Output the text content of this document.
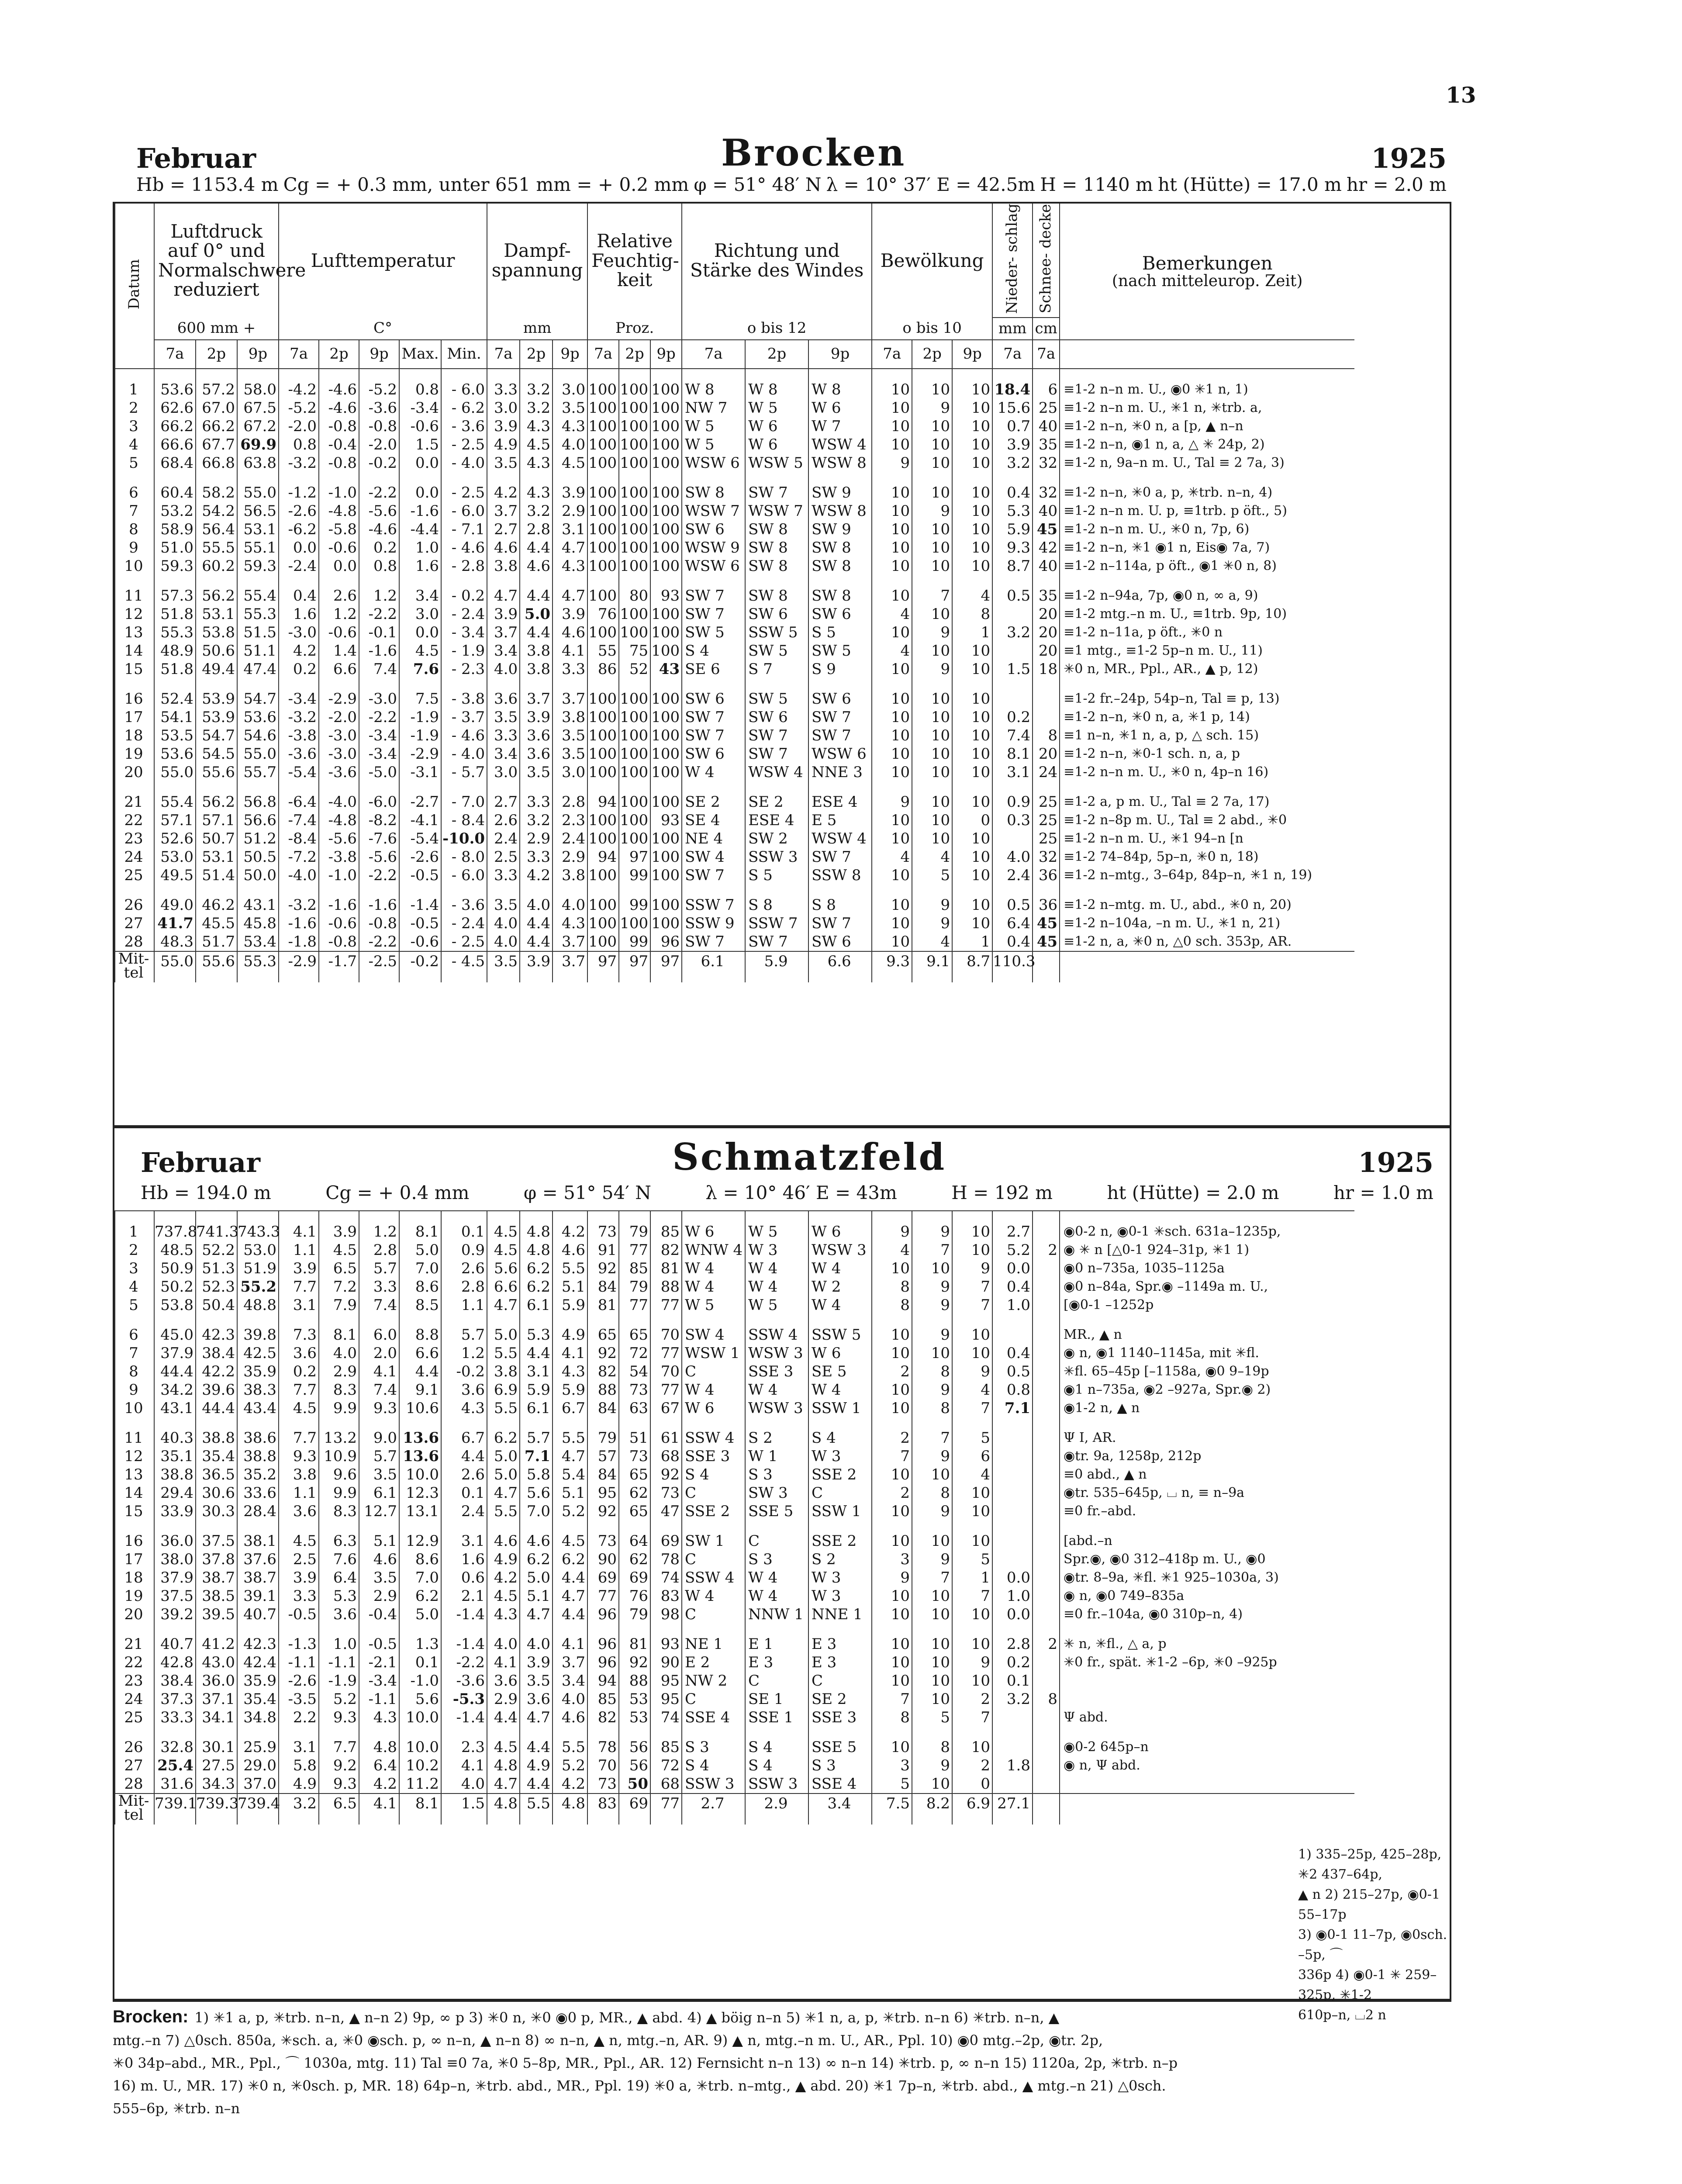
13
Februar	Brocken	1925
Hb = 1153.4 m Cg = + 0.3 mm, unter 651 mm = + 0.2 mm φ = 51° 48′ N λ = 10° 37′ E = 42.5m H = 1140 m ht (Hütte) = 17.0 m hr = 2.0 m
Datum	Luftdruck auf 0° und Normalschwere reduziert			Lufttemperatur					Dampf- spannung			Relative Feuchtig- keit			Richtung und Stärke des Windes			Bewölkung			Nieder- schlag	Schnee- decke	Bemerkungen
(nach mitteleurop. Zeit)

	600 mm +			C°					mm			Proz.			o bis 12			o bis 10			mm	cm	
	7a	2p	9p	7a	2p	9p	Max.	Min.	7a	2p	9p	7a	2p	9p	7a	2p	9p	7a	2p	9p	7a	7a	

1	53.6	57.2	58.0	-4.2	-4.6	-5.2	0.8	- 6.0	3.3	3.2	3.0	100	100	100	W 8	W 8	W 8	10	10	10	18.4	6	≡1-2 n–n m. U., ◉0 ✳1 n, 1)
2	62.6	67.0	67.5	-5.2	-4.6	-3.6	-3.4	- 6.2	3.0	3.2	3.5	100	100	100	NW 7	W 5	W 6	10	9	10	15.6	25	≡1-2 n–n m. U., ✳1 n, ✳trb. a,
3	66.2	66.2	67.2	-2.0	-0.8	-0.8	-0.6	- 3.6	3.9	4.3	4.3	100	100	100	W 5	W 6	W 7	10	10	10	0.7	40	≡1-2 n–n, ✳0 n, a [p, ▲ n–n
4	66.6	67.7	69.9	0.8	-0.4	-2.0	1.5	- 2.5	4.9	4.5	4.0	100	100	100	W 5	W 6	WSW 4	10	10	10	3.9	35	≡1-2 n–n, ◉1 n, a, △ ✳ 24p, 2)
5	68.4	66.8	63.8	-3.2	-0.8	-0.2	0.0	- 4.0	3.5	4.3	4.5	100	100	100	WSW 6	WSW 5	WSW 8	9	10	10	3.2	32	≡1-2 n, 9a–n m. U., Tal ≡ 2 7a, 3)

6	60.4	58.2	55.0	-1.2	-1.0	-2.2	0.0	- 2.5	4.2	4.3	3.9	100	100	100	SW 8	SW 7	SW 9	10	10	10	0.4	32	≡1-2 n–n, ✳0 a, p, ✳trb. n–n, 4)
7	53.2	54.2	56.5	-2.6	-4.8	-5.6	-1.6	- 6.0	3.7	3.2	2.9	100	100	100	WSW 7	WSW 7	WSW 8	10	9	10	5.3	40	≡1-2 n–n m. U. p, ≡1trb. p öft., 5)
8	58.9	56.4	53.1	-6.2	-5.8	-4.6	-4.4	- 7.1	2.7	2.8	3.1	100	100	100	SW 6	SW 8	SW 9	10	10	10	5.9	45	≡1-2 n–n m. U., ✳0 n, 7p, 6)
9	51.0	55.5	55.1	0.0	-0.6	0.2	1.0	- 4.6	4.6	4.4	4.7	100	100	100	WSW 9	SW 8	SW 8	10	10	10	9.3	42	≡1-2 n–n, ✳1 ◉1 n, Eis◉ 7a, 7)
10	59.3	60.2	59.3	-2.4	0.0	0.8	1.6	- 2.8	3.8	4.6	4.3	100	100	100	WSW 6	SW 8	SW 8	10	10	10	8.7	40	≡1-2 n–114a, p öft., ◉1 ✳0 n, 8)

11	57.3	56.2	55.4	0.4	2.6	1.2	3.4	- 0.2	4.7	4.4	4.7	100	80	93	SW 7	SW 8	SW 8	10	7	4	0.5	35	≡1-2 n–94a, 7p, ◉0 n, ∞ a, 9)
12	51.8	53.1	55.3	1.6	1.2	-2.2	3.0	- 2.4	3.9	5.0	3.9	76	100	100	SW 7	SW 6	SW 6	4	10	8		20	≡1-2 mtg.–n m. U., ≡1trb. 9p, 10)
13	55.3	53.8	51.5	-3.0	-0.6	-0.1	0.0	- 3.4	3.7	4.4	4.6	100	100	100	SW 5	SSW 5	S 5	10	9	1	3.2	20	≡1-2 n–11a, p öft., ✳0 n
14	48.9	50.6	51.1	4.2	1.4	-1.6	4.5	- 1.9	3.4	3.8	4.1	55	75	100	S 4	SW 5	SW 5	4	10	10		20	≡1 mtg., ≡1-2 5p–n m. U., 11)
15	51.8	49.4	47.4	0.2	6.6	7.4	7.6	- 2.3	4.0	3.8	3.3	86	52	43	SE 6	S 7	S 9	10	9	10	1.5	18	✳0 n, MR., Ppl., AR., ▲ p, 12)

16	52.4	53.9	54.7	-3.4	-2.9	-3.0	7.5	- 3.8	3.6	3.7	3.7	100	100	100	SW 6	SW 5	SW 6	10	10	10			≡1-2 fr.–24p, 54p–n, Tal ≡ p, 13)
17	54.1	53.9	53.6	-3.2	-2.0	-2.2	-1.9	- 3.7	3.5	3.9	3.8	100	100	100	SW 7	SW 6	SW 7	10	10	10	0.2		≡1-2 n–n, ✳0 n, a, ✳1 p, 14)
18	53.5	54.7	54.6	-3.8	-3.0	-3.4	-1.9	- 4.6	3.3	3.6	3.5	100	100	100	SW 7	SW 7	SW 7	10	10	10	7.4	8	≡1 n–n, ✳1 n, a, p, △ sch. 15)
19	53.6	54.5	55.0	-3.6	-3.0	-3.4	-2.9	- 4.0	3.4	3.6	3.5	100	100	100	SW 6	SW 7	WSW 6	10	10	10	8.1	20	≡1-2 n–n, ✳0-1 sch. n, a, p
20	55.0	55.6	55.7	-5.4	-3.6	-5.0	-3.1	- 5.7	3.0	3.5	3.0	100	100	100	W 4	WSW 4	NNE 3	10	10	10	3.1	24	≡1-2 n–n m. U., ✳0 n, 4p–n 16)

21	55.4	56.2	56.8	-6.4	-4.0	-6.0	-2.7	- 7.0	2.7	3.3	2.8	94	100	100	SE 2	SE 2	ESE 4	9	10	10	0.9	25	≡1-2 a, p m. U., Tal ≡ 2 7a, 17)
22	57.1	57.1	56.6	-7.4	-4.8	-8.2	-4.1	- 8.4	2.6	3.2	2.3	100	100	93	SE 4	ESE 4	E 5	10	10	0	0.3	25	≡1-2 n–8p m. U., Tal ≡ 2 abd., ✳0
23	52.6	50.7	51.2	-8.4	-5.6	-7.6	-5.4	-10.0	2.4	2.9	2.4	100	100	100	NE 4	SW 2	WSW 4	10	10	10		25	≡1-2 n–n m. U., ✳1 94–n [n
24	53.0	53.1	50.5	-7.2	-3.8	-5.6	-2.6	- 8.0	2.5	3.3	2.9	94	97	100	SW 4	SSW 3	SW 7	4	4	10	4.0	32	≡1-2 74–84p, 5p–n, ✳0 n, 18)
25	49.5	51.4	50.0	-4.0	-1.0	-2.2	-0.5	- 6.0	3.3	4.2	3.8	100	99	100	SW 7	S 5	SSW 8	10	5	10	2.4	36	≡1-2 n–mtg., 3–64p, 84p–n, ✳1 n, 19)

26	49.0	46.2	43.1	-3.2	-1.6	-1.6	-1.4	- 3.6	3.5	4.0	4.0	100	99	100	SSW 7	S 8	S 8	10	9	10	0.5	36	≡1-2 n–mtg. m. U., abd., ✳0 n, 20)
27	41.7	45.5	45.8	-1.6	-0.6	-0.8	-0.5	- 2.4	4.0	4.4	4.3	100	100	100	SSW 9	SSW 7	SW 7	10	9	10	6.4	45	≡1-2 n–104a, –n m. U., ✳1 n, 21)
28	48.3	51.7	53.4	-1.8	-0.8	-2.2	-0.6	- 2.5	4.0	4.4	3.7	100	99	96	SW 7	SW 7	SW 6	10	4	1	0.4	45	≡1-2 n, a, ✳0 n, △0 sch. 353p, AR.
Mit- tel	55.0	55.6	55.3	-2.9	-1.7	-2.5	-0.2	- 4.5	3.5	3.9	3.7	97	97	97	6.1	5.9	6.6	9.3	9.1	8.7	110.3		
Februar	Schmatzfeld	1925
Hb = 194.0 m	Cg = + 0.4 mm	φ = 51° 54′ N	λ = 10° 46′ E = 43m	H = 192 m	ht (Hütte) = 2.0 m	hr = 1.0 m

1	737.8	741.3	743.3	4.1	3.9	1.2	8.1	0.1	4.5	4.8	4.2	73	79	85	W 6	W 5	W 6	9	9	10	2.7		◉0-2 n, ◉0-1 ✳sch. 631a–1235p,
2	48.5	52.2	53.0	1.1	4.5	2.8	5.0	0.9	4.5	4.8	4.6	91	77	82	WNW 4	W 3	WSW 3	4	7	10	5.2	2	◉ ✳ n [△0-1 924–31p, ✳1 1)
3	50.9	51.3	51.9	3.9	6.5	5.7	7.0	2.6	5.6	6.2	5.5	92	85	81	W 4	W 4	W 4	10	10	9	0.0		◉0 n–735a, 1035–1125a
4	50.2	52.3	55.2	7.7	7.2	3.3	8.6	2.8	6.6	6.2	5.1	84	79	88	W 4	W 4	W 2	8	9	7	0.4		◉0 n–84a, Spr.◉ –1149a m. U.,
5	53.8	50.4	48.8	3.1	7.9	7.4	8.5	1.1	4.7	6.1	5.9	81	77	77	W 5	W 5	W 4	8	9	7	1.0		[◉0-1 –1252p

6	45.0	42.3	39.8	7.3	8.1	6.0	8.8	5.7	5.0	5.3	4.9	65	65	70	SW 4	SSW 4	SSW 5	10	9	10			MR., ▲ n
7	37.9	38.4	42.5	3.6	4.0	2.0	6.6	1.2	5.5	4.4	4.1	92	72	77	WSW 1	WSW 3	W 6	10	10	10	0.4		◉ n, ◉1 1140–1145a, mit ✳fl.
8	44.4	42.2	35.9	0.2	2.9	4.1	4.4	-0.2	3.8	3.1	4.3	82	54	70	C	SSE 3	SE 5	2	8	9	0.5		✳fl. 65–45p [–1158a, ◉0 9–19p
9	34.2	39.6	38.3	7.7	8.3	7.4	9.1	3.6	6.9	5.9	5.9	88	73	77	W 4	W 4	W 4	10	9	4	0.8		◉1 n–735a, ◉2 –927a, Spr.◉ 2)
10	43.1	44.4	43.4	4.5	9.9	9.3	10.6	4.3	5.5	6.1	6.7	84	63	67	W 6	WSW 3	SSW 1	10	8	7	7.1		◉1-2 n, ▲ n

11	40.3	38.8	38.6	7.7	13.2	9.0	13.6	6.7	6.2	5.7	5.5	79	51	61	SSW 4	S 2	S 4	2	7	5			Ψ I, AR.
12	35.1	35.4	38.8	9.3	10.9	5.7	13.6	4.4	5.0	7.1	4.7	57	73	68	SSE 3	W 1	W 3	7	9	6			◉tr. 9a, 1258p, 212p
13	38.8	36.5	35.2	3.8	9.6	3.5	10.0	2.6	5.0	5.8	5.4	84	65	92	S 4	S 3	SSE 2	10	10	4			≡0 abd., ▲ n
14	29.4	30.6	33.6	1.1	9.9	6.1	12.3	0.1	4.7	5.6	5.1	95	62	73	C	SW 3	C	2	8	10			◉tr. 535–645p, ⌴ n, ≡ n–9a
15	33.9	30.3	28.4	3.6	8.3	12.7	13.1	2.4	5.5	7.0	5.2	92	65	47	SSE 2	SSE 5	SSW 1	10	9	10			≡0 fr.–abd.

16	36.0	37.5	38.1	4.5	6.3	5.1	12.9	3.1	4.6	4.6	4.5	73	64	69	SW 1	C	SSE 2	10	10	10			[abd.–n
17	38.0	37.8	37.6	2.5	7.6	4.6	8.6	1.6	4.9	6.2	6.2	90	62	78	C	S 3	S 2	3	9	5			Spr.◉, ◉0 312–418p m. U., ◉0
18	37.9	38.7	38.7	3.9	6.4	3.5	7.0	0.6	4.2	5.0	4.4	69	69	74	SSW 4	W 4	W 3	9	7	1	0.0		◉tr. 8–9a, ✳fl. ✳1 925–1030a, 3)
19	37.5	38.5	39.1	3.3	5.3	2.9	6.2	2.1	4.5	5.1	4.7	77	76	83	W 4	W 4	W 3	10	10	7	1.0		◉ n, ◉0 749–835a
20	39.2	39.5	40.7	-0.5	3.6	-0.4	5.0	-1.4	4.3	4.7	4.4	96	79	98	C	NNW 1	NNE 1	10	10	10	0.0		≡0 fr.–104a, ◉0 310p–n, 4)

21	40.7	41.2	42.3	-1.3	1.0	-0.5	1.3	-1.4	4.0	4.0	4.1	96	81	93	NE 1	E 1	E 3	10	10	10	2.8	2	✳ n, ✳fl., △ a, p
22	42.8	43.0	42.4	-1.1	-1.1	-2.1	0.1	-2.2	4.1	3.9	3.7	96	92	90	E 2	E 3	E 3	10	10	9	0.2		✳0 fr., spät. ✳1-2 –6p, ✳0 –925p
23	38.4	36.0	35.9	-2.6	-1.9	-3.4	-1.0	-3.6	3.6	3.5	3.4	94	88	95	NW 2	C	C	10	10	10	0.1		
24	37.3	37.1	35.4	-3.5	5.2	-1.1	5.6	-5.3	2.9	3.6	4.0	85	53	95	C	SE 1	SE 2	7	10	2	3.2	8	
25	33.3	34.1	34.8	2.2	9.3	4.3	10.0	-1.4	4.4	4.7	4.6	82	53	74	SSE 4	SSE 1	SSE 3	8	5	7			Ψ abd.

26	32.8	30.1	25.9	3.1	7.7	4.8	10.0	2.3	4.5	4.4	5.5	78	56	85	S 3	S 4	SSE 5	10	8	10			◉0-2 645p–n
27	25.4	27.5	29.0	5.8	9.2	6.4	10.2	4.1	4.8	4.9	5.2	70	56	72	S 4	S 4	S 3	3	9	2	1.8		◉ n, Ψ abd.
28	31.6	34.3	37.0	4.9	9.3	4.2	11.2	4.0	4.7	4.4	4.2	73	50	68	SSW 3	SSW 3	SSE 4	5	10	0			
Mit- tel	739.1	739.3	739.4	3.2	6.5	4.1	8.1	1.5	4.8	5.5	4.8	83	69	77	2.7	2.9	3.4	7.5	8.2	6.9	27.1		
1) 335–25p, 425–28p, ✳2 437–64p,
▲ n 2) 215–27p, ◉0-1 55–17p
3) ◉0-1 11–7p, ◉0sch. –5p, ⌒
336p 4) ◉0-1 ✳ 259–325p, ✳1-2
610p–n, ⌴2 n
Brocken: 1) ✳1 a, p, ✳trb. n–n, ▲ n–n 2) 9p, ∞ p 3) ✳0 n, ✳0 ◉0 p, MR., ▲ abd. 4) ▲ böig n–n 5) ✳1 n, a, p, ✳trb. n–n 6) ✳trb. n–n, ▲
mtg.–n 7) △0sch. 850a, ✳sch. a, ✳0 ◉sch. p, ∞ n–n, ▲ n–n 8) ∞ n–n, ▲ n, mtg.–n, AR. 9) ▲ n, mtg.–n m. U., AR., Ppl. 10) ◉0 mtg.–2p, ◉tr. 2p,
✳0 34p–abd., MR., Ppl., ⌒ 1030a, mtg. 11) Tal ≡0 7a, ✳0 5–8p, MR., Ppl., AR. 12) Fernsicht n–n 13) ∞ n–n 14) ✳trb. p, ∞ n–n 15) 1120a, 2p, ✳trb. n–p
16) m. U., MR. 17) ✳0 n, ✳0sch. p, MR. 18) 64p–n, ✳trb. abd., MR., Ppl. 19) ✳0 a, ✳trb. n–mtg., ▲ abd. 20) ✳1 7p–n, ✳trb. abd., ▲ mtg.–n 21) △0sch.
555–6p, ✳trb. n–n
